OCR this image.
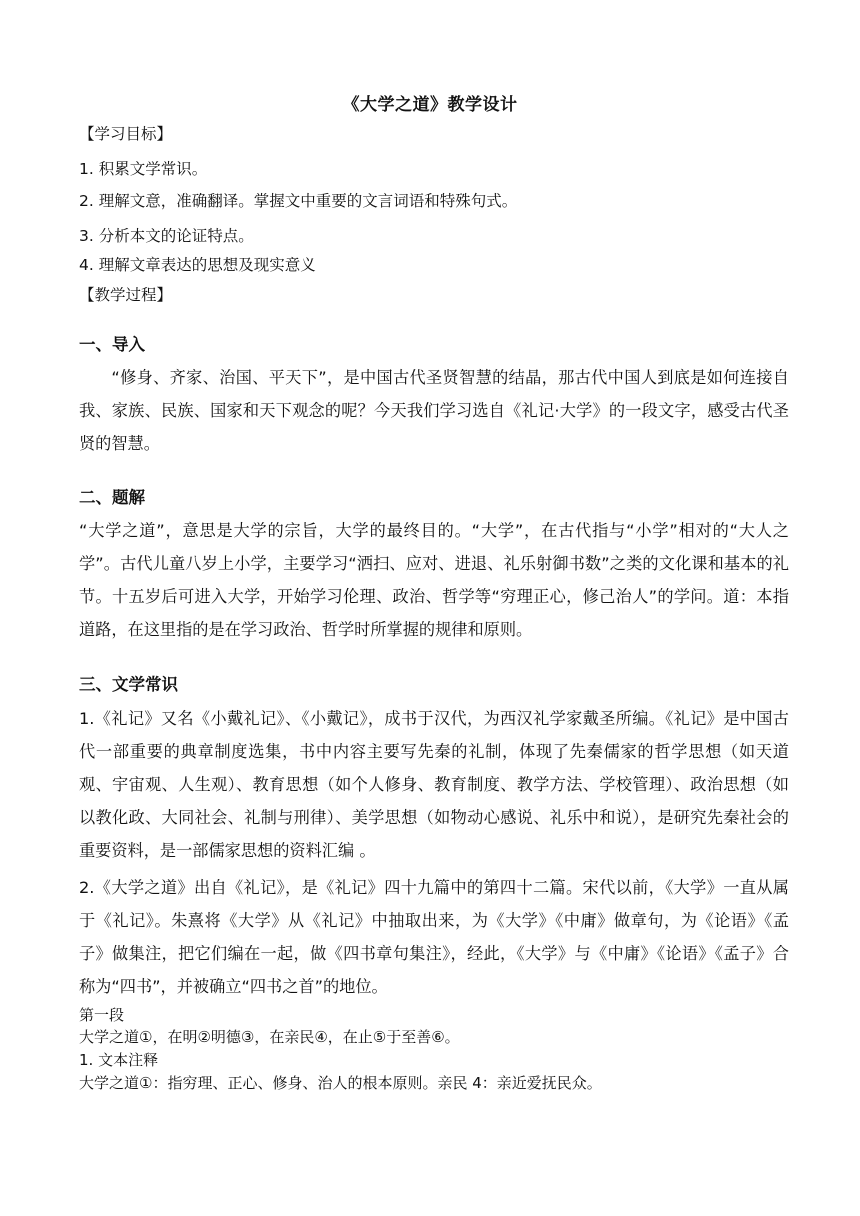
《大学之道》教学设计
【学习目标】
1. 积累文学常识。
2. 理解文意，准确翻译。掌握文中重要的文言词语和特殊句式。
3. 分析本文的论证特点。
4. 理解文章表达的思想及现实意义
【教学过程】
一、导入
“修身、齐家、治国、平天下”，是中国古代圣贤智慧的结晶，那古代中国人到底是如何连接自我、家族、民族、国家和天下观念的呢？今天我们学习选自《礼记·大学》的一段文字，感受古代圣贤的智慧。
二、题解
“大学之道”，意思是大学的宗旨，大学的最终目的。“大学”，在古代指与“小学”相对的“大人之学”。古代儿童八岁上小学，主要学习“洒扫、应对、进退、礼乐射御书数”之类的文化课和基本的礼节。十五岁后可进入大学，开始学习伦理、政治、哲学等“穷理正心，修己治人”的学问。道：本指道路，在这里指的是在学习政治、哲学时所掌握的规律和原则。
三、文学常识
1.《礼记》又名《小戴礼记》、《小戴记》，成书于汉代，为西汉礼学家戴圣所编。《礼记》是中国古代一部重要的典章制度选集，书中内容主要写先秦的礼制，体现了先秦儒家的哲学思想（如天道观、宇宙观、人生观）、教育思想（如个人修身、教育制度、教学方法、学校管理）、政治思想（如以教化政、大同社会、礼制与刑律）、美学思想（如物动心感说、礼乐中和说），是研究先秦社会的重要资料，是一部儒家思想的资料汇编 。
2.《大学之道》出自《礼记》，是《礼记》四十九篇中的第四十二篇。宋代以前，《大学》一直从属于《礼记》。朱熹将《大学》从《礼记》中抽取出来，为《大学》《中庸》做章句，为《论语》《孟子》做集注，把它们编在一起，做《四书章句集注》，经此，《大学》与《中庸》《论语》《孟子》合称为“四书”，并被确立“四书之首”的地位。
第一段
大学之道①，在明②明德③，在亲民④，在止⑤于至善⑥。
1. 文本注释
大学之道①：指穷理、正心、修身、治人的根本原则。亲民 4：亲近爱抚民众。
